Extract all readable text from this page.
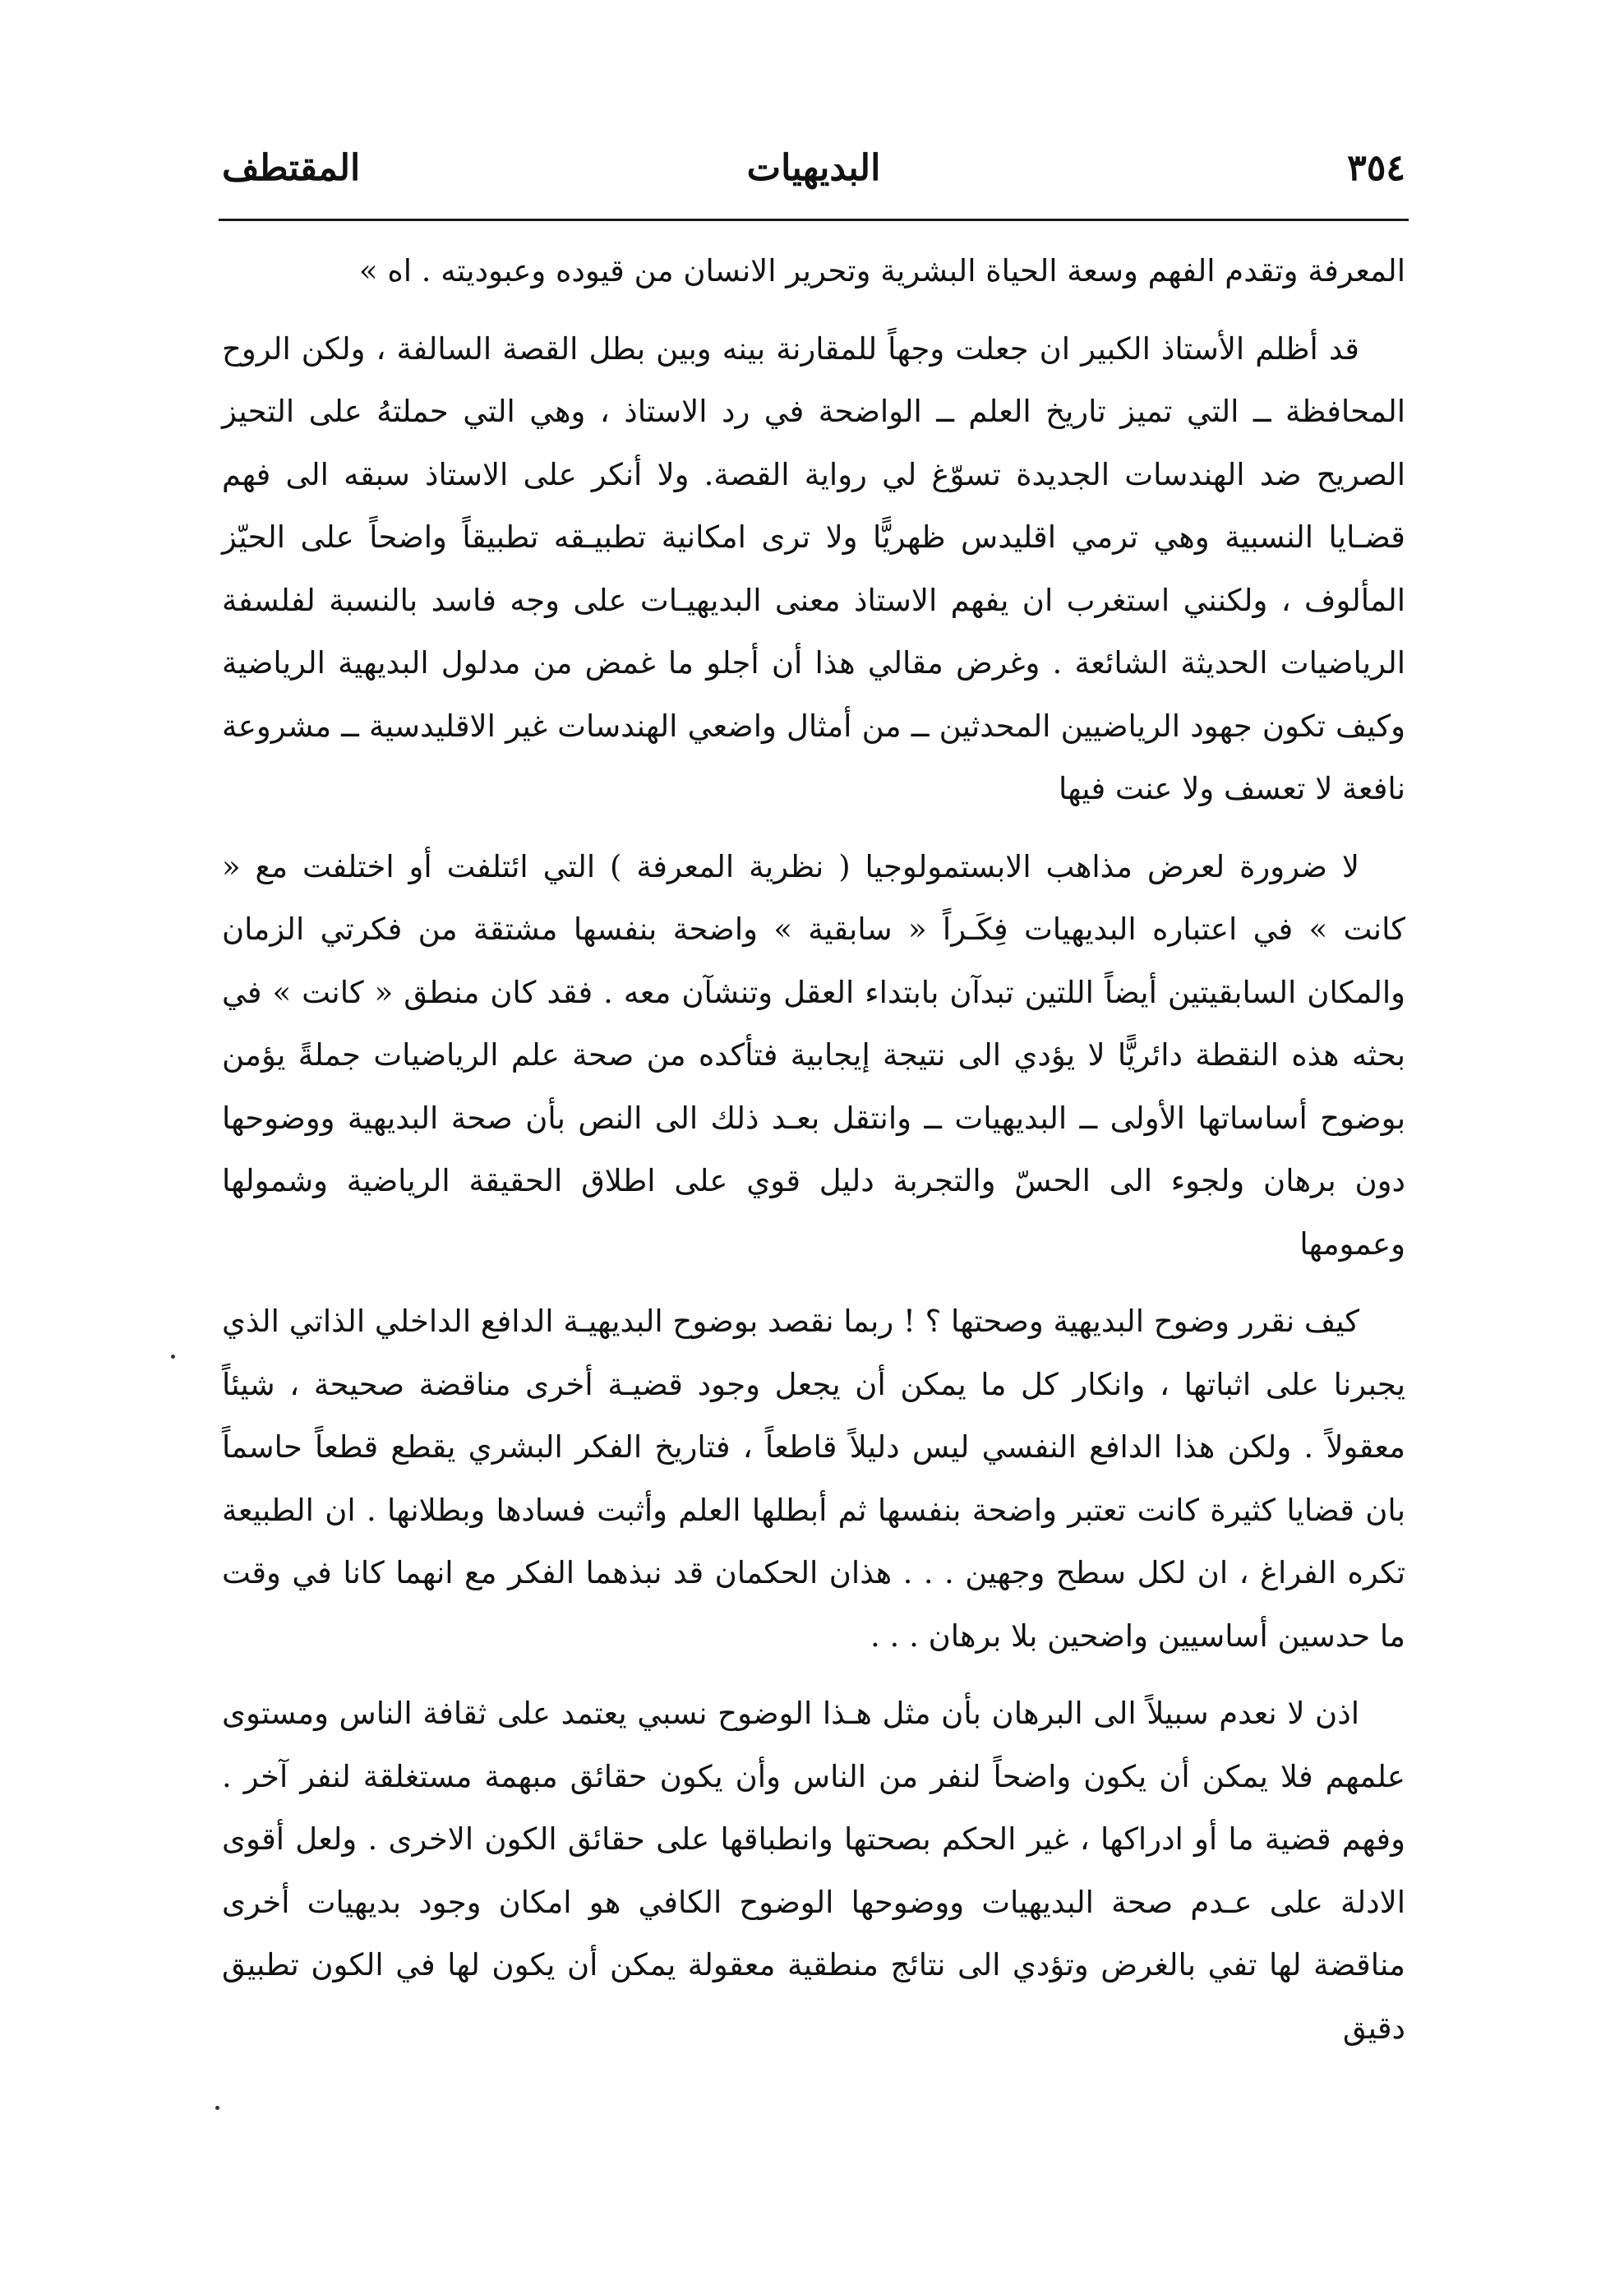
٣٥٤
البديهيات
المقتطف

المعرفة وتقدم الفهم وسعة الحياة البشرية وتحرير الانسان من قيوده وعبوديته . اه »

قد أظلم الأستاذ الكبير ان جعلت وجهاً للمقارنة بينه وبين بطل القصة السالفة ، ولكن الروح المحافظة ــ التي تميز تاريخ العلم ــ الواضحة في رد الاستاذ ، وهي التي حملتهُ على التحيز الصريح ضد الهندسات الجديدة تسوّغ لي رواية القصة. ولا أنكر على الاستاذ سبقه الى فهم قضـايا النسبية وهي ترمي اقليدس ظهريًّا ولا ترى امكانية تطبيـقه تطبيقاً واضحاً على الحيّز المألوف ، ولكنني استغرب ان يفهم الاستاذ معنى البديهيـات على وجه فاسد بالنسبة لفلسفة الرياضيات الحديثة الشائعة . وغرض مقالي هذا أن أجلو ما غمض من مدلول البديهية الرياضية وكيف تكون جهود الرياضيين المحدثين ــ من أمثال واضعي الهندسات غير الاقليدسية ــ مشروعة نافعة لا تعسف ولا عنت فيها

لا ضرورة لعرض مذاهب الابستمولوجيا ( نظرية المعرفة ) التي ائتلفت أو اختلفت مع « كانت » في اعتباره البديهيات فِكَـراً « سابقية » واضحة بنفسها مشتقة من فكرتي الزمان والمكان السابقيتين أيضاً اللتين تبدآن بابتداء العقل وتنشآن معه . فقد كان منطق « كانت » في بحثه هذه النقطة دائريًّا لا يؤدي الى نتيجة إيجابية فتأكده من صحة علم الرياضيات جملةً يؤمن بوضوح أساساتها الأولى ــ البديهيات ــ وانتقل بعـد ذلك الى النص بأن صحة البديهية ووضوحها دون برهان ولجوء الى الحسّ والتجربة دليل قوي على اطلاق الحقيقة الرياضية وشمولها وعمومها

كيف نقرر وضوح البديهية وصحتها ؟ ! ربما نقصد بوضوح البديهيـة الدافع الداخلي الذاتي الذي يجبرنا على اثباتها ، وانكار كل ما يمكن أن يجعل وجود قضيـة أخرى مناقضة صحيحة ، شيئاً معقولاً . ولكن هذا الدافع النفسي ليس دليلاً قاطعاً ، فتاريخ الفكر البشري يقطع قطعاً حاسماً بان قضايا كثيرة كانت تعتبر واضحة بنفسها ثم أبطلها العلم وأثبت فسادها وبطلانها . ان الطبيعة تكره الفراغ ، ان لكل سطح وجهين . . . هذان الحكمان قد نبذهما الفكر مع انهما كانا في وقت ما حدسين أساسيين واضحين بلا برهان . . .

اذن لا نعدم سبيلاً الى البرهان بأن مثل هـذا الوضوح نسبي يعتمد على ثقافة الناس ومستوى علمهم فلا يمكن أن يكون واضحاً لنفر من الناس وأن يكون حقائق مبهمة مستغلقة لنفر آخر . وفهم قضية ما أو ادراكها ، غير الحكم بصحتها وانطباقها على حقائق الكون الاخرى . ولعل أقوى الادلة على عـدم صحة البديهيات ووضوحها الوضوح الكافي هو امكان وجود بديهيات أخرى مناقضة لها تفي بالغرض وتؤدي الى نتائج منطقية معقولة يمكن أن يكون لها في الكون تطبيق دقيق
